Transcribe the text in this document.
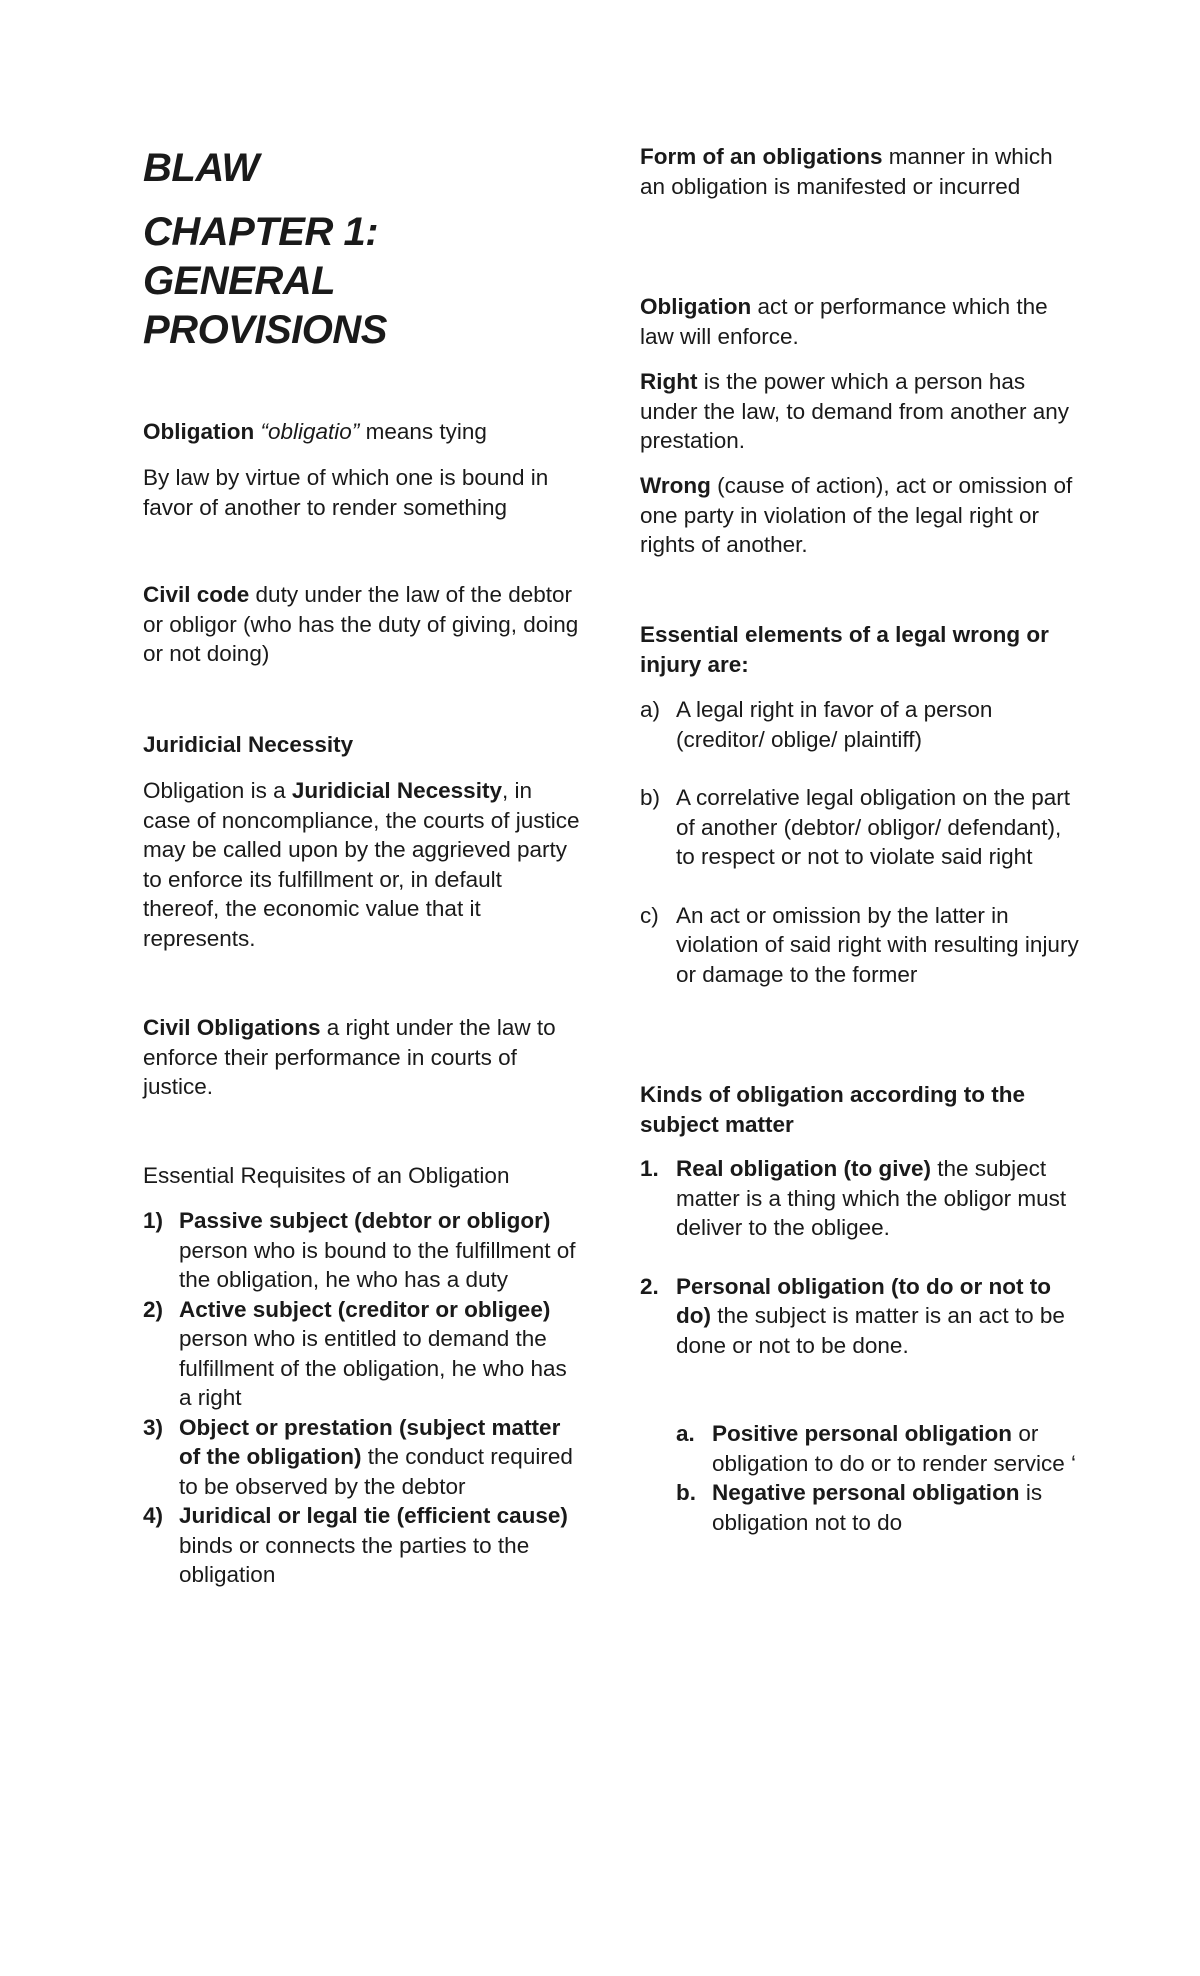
BLAW
CHAPTER 1:
GENERAL
PROVISIONS

Obligation “obligatio” means tying

By law by virtue of which one is bound in favor of another to render something

Civil code duty under the law of the debtor or obligor (who has the duty of giving, doing or not doing)

Juridicial Necessity

Obligation is a Juridicial Necessity, in case of noncompliance, the courts of justice may be called upon by the aggrieved party to enforce its fulfillment or, in default thereof, the economic value that it represents.

Civil Obligations a right under the law to enforce their performance in courts of justice.

Essential Requisites of an Obligation

1) Passive subject (debtor or obligor) person who is bound to the fulfillment of the obligation, he who has a duty
2) Active subject (creditor or obligee) person who is entitled to demand the fulfillment of the obligation, he who has a right
3) Object or prestation (subject matter of the obligation) the conduct required to be observed by the debtor
4) Juridical or legal tie (efficient cause) binds or connects the parties to the obligation

Form of an obligations manner in which an obligation is manifested or incurred

Obligation act or performance which the law will enforce.

Right is the power which a person has under the law, to demand from another any prestation.

Wrong (cause of action), act or omission of one party in violation of the legal right or rights of another.

Essential elements of a legal wrong or injury are:

a) A legal right in favor of a person (creditor/ oblige/ plaintiff)
b) A correlative legal obligation on the part of another (debtor/ obligor/ defendant), to respect or not to violate said right
c) An act or omission by the latter in violation of said right with resulting injury or damage to the former

Kinds of obligation according to the subject matter

1. Real obligation (to give) the subject matter is a thing which the obligor must deliver to the obligee.
2. Personal obligation (to do or not to do) the subject is matter is an act to be done or not to be done.
a. Positive personal obligation or obligation to do or to render service ‘
b. Negative personal obligation is obligation not to do
